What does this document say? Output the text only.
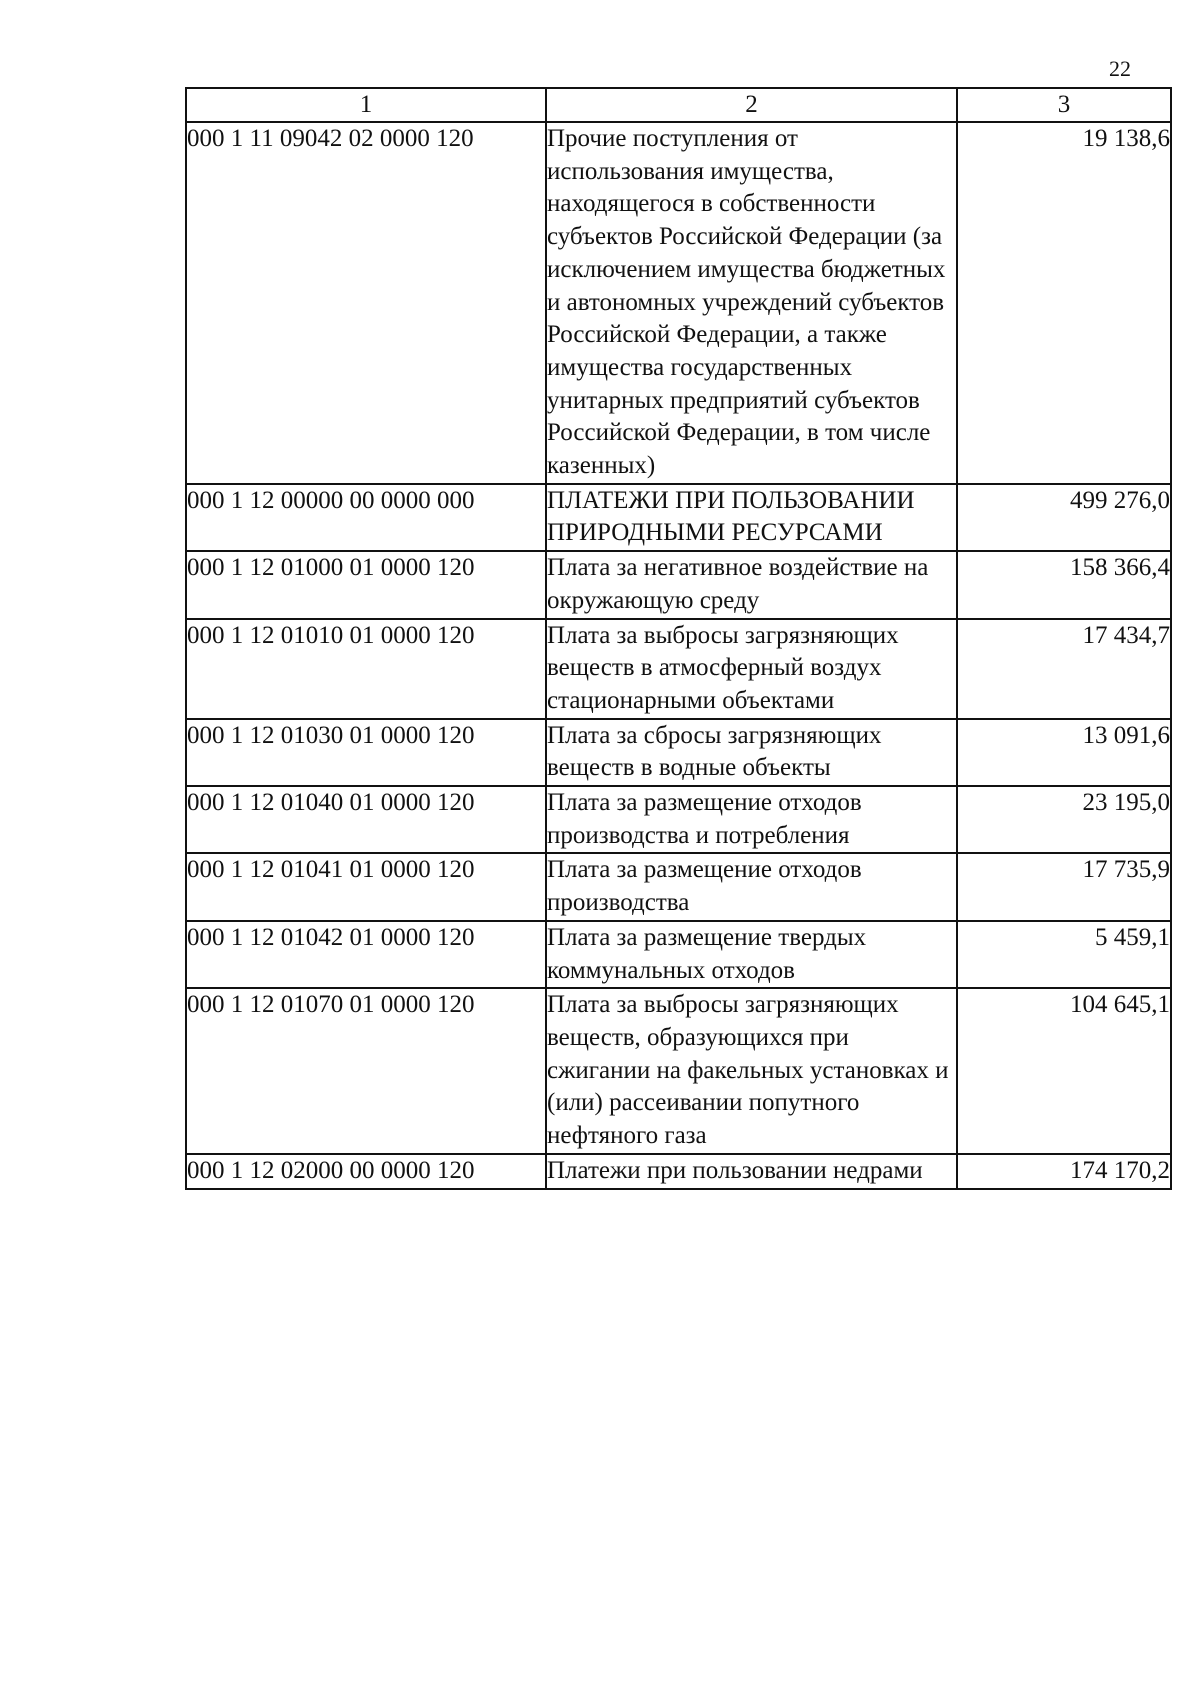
22
1	2	3
000 1 11 09042 02 0000 120	Прочие поступления от использования имущества, находящегося в собственности субъектов Российской Федерации (за исключением имущества бюджетных и автономных учреждений субъектов Российской Федерации, а также имущества государственных унитарных предприятий субъектов Российской Федерации, в том числе казенных)	19 138,6
000 1 12 00000 00 0000 000	ПЛАТЕЖИ ПРИ ПОЛЬЗОВАНИИ ПРИРОДНЫМИ РЕСУРСАМИ	499 276,0
000 1 12 01000 01 0000 120	Плата за негативное воздействие на окружающую среду	158 366,4
000 1 12 01010 01 0000 120	Плата за выбросы загрязняющих веществ в атмосферный воздух стационарными объектами	17 434,7
000 1 12 01030 01 0000 120	Плата за сбросы загрязняющих веществ в водные объекты	13 091,6
000 1 12 01040 01 0000 120	Плата за размещение отходов производства и потребления	23 195,0
000 1 12 01041 01 0000 120	Плата за размещение отходов производства	17 735,9
000 1 12 01042 01 0000 120	Плата за размещение твердых коммунальных отходов	5 459,1
000 1 12 01070 01 0000 120	Плата за выбросы загрязняющих веществ, образующихся при сжигании на факельных установках и (или) рассеивании попутного нефтяного газа	104 645,1
000 1 12 02000 00 0000 120	Платежи при пользовании недрами	174 170,2
